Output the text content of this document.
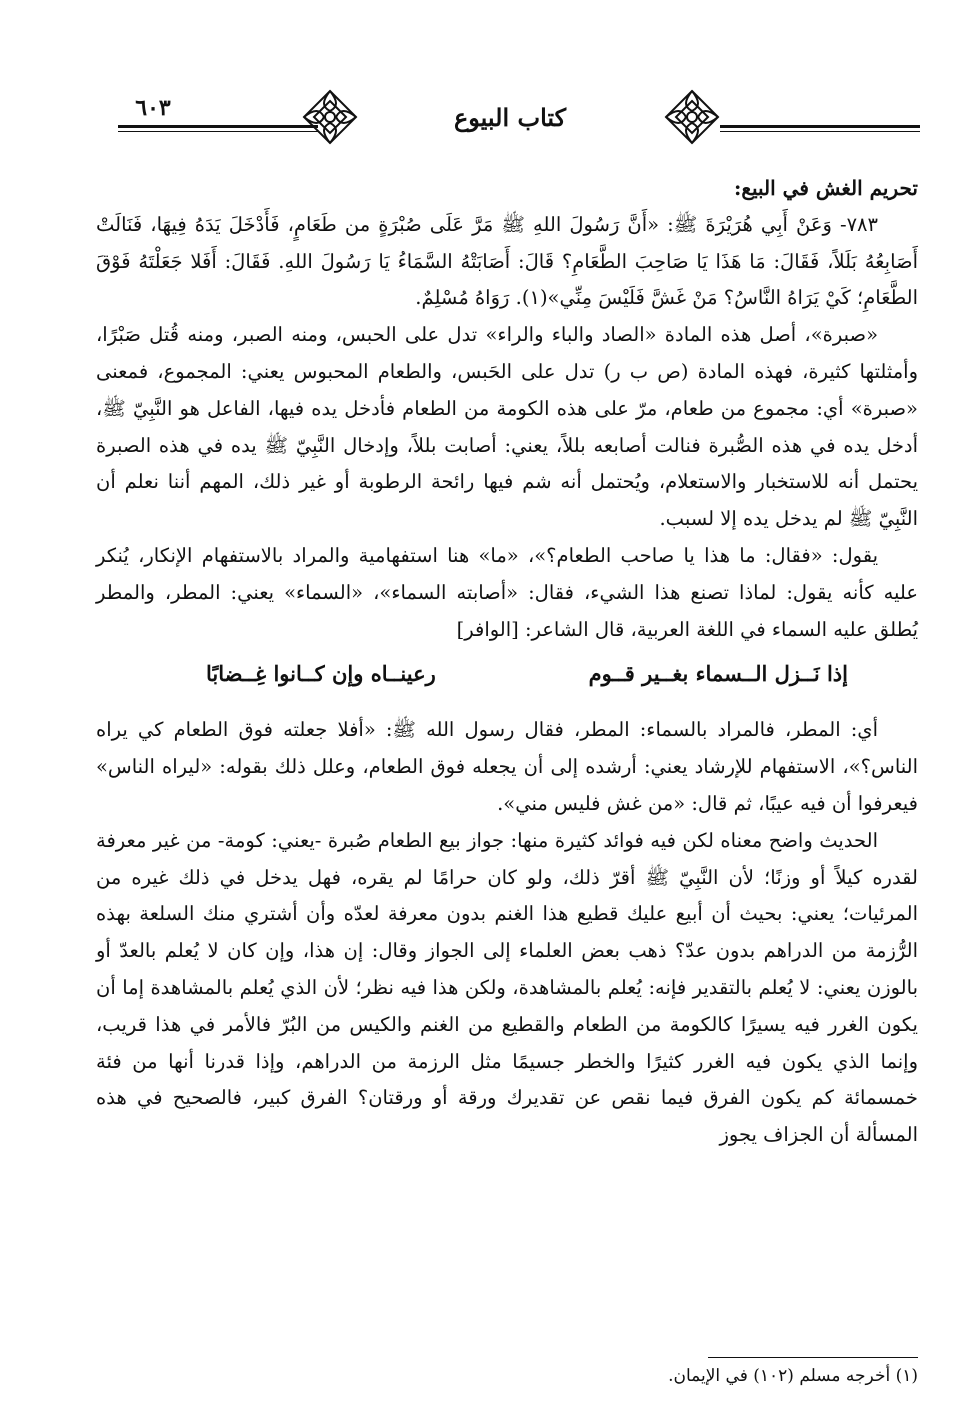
٦٠٣	كتاب البيوع

تحريم الغش في البيع:

٧٨٣- وَعَنْ أَبِي هُرَيْرَةَ ﷺ: «أَنَّ رَسُولَ اللهِ ﷺ مَرَّ عَلَى صُبْرَةٍ من طَعَامٍ، فَأَدْخَلَ يَدَهُ فِيهَا، فَنَالَتْ أَصَابِعُهُ بَلَلاً، فَقَالَ: مَا هَذَا يَا صَاحِبَ الطَّعَامِ؟ قَالَ: أَصَابَتْهُ السَّمَاءُ يَا رَسُولَ اللهِ. فَقَالَ: أَفَلا جَعَلْتَهُ فَوْقَ الطَّعَامِ؛ كَيْ يَرَاهُ النَّاسُ؟ مَنْ غَشَّ فَلَيْسَ مِنِّي»(١). رَوَاهُ مُسْلِمٌ.

«صبرة»، أصل هذه المادة «الصاد والباء والراء» تدل على الحبس، ومنه الصبر، ومنه قُتل صَبْرًا، وأمثلتها كثيرة، فهذه المادة (ص ب ر) تدل على الحَبس، والطعام المحبوس يعني: المجموع، فمعنى «صبرة» أي: مجموع من طعام، مرّ على هذه الكومة من الطعام فأدخل يده فيها، الفاعل هو النَّبِيّ ﷺ، أدخل يده في هذه الصُّبرة فنالت أصابعه بللاً، يعني: أصابت بللاً، وإدخال النَّبِيّ ﷺ يده في هذه الصبرة يحتمل أنه للاستخبار والاستعلام، ويُحتمل أنه شم فيها رائحة الرطوبة أو غير ذلك، المهم أننا نعلم أن النَّبِيّ ﷺ لم يدخل يده إلا لسبب.

يقول: «فقال: ما هذا يا صاحب الطعام؟»، «ما» هنا استفهامية والمراد بالاستفهام الإنكار، يُنكر عليه كأنه يقول: لماذا تصنع هذا الشيء، فقال: «أصابته السماء»، «السماء» يعني: المطر، والمطر يُطلق عليه السماء في اللغة العربية، قال الشاعر: [الوافر]

إذا نَــزل الــسماء بغــير قــوم
رعينــاه وإن كــانوا غِــضابًا

أي: المطر، فالمراد بالسماء: المطر، فقال رسول الله ﷺ: «أفلا جعلته فوق الطعام كي يراه الناس؟»، الاستفهام للإرشاد يعني: أرشده إلى أن يجعله فوق الطعام، وعلل ذلك بقوله: «ليراه الناس» فيعرفوا أن فيه عيبًا، ثم قال: «من غش فليس مني».

الحديث واضح معناه لكن فيه فوائد كثيرة منها: جواز بيع الطعام صُبرة -يعني: كومة- من غير معرفة لقدره كيلاً أو وزنًا؛ لأن النَّبِيّ ﷺ أقرّ ذلك، ولو كان حرامًا لم يقره، فهل يدخل في ذلك غيره من المرئيات؛ يعني: بحيث أن أبيع عليك قطيع هذا الغنم بدون معرفة لعدّه وأن أشتري منك السلعة بهذه الرُّزمة من الدراهم بدون عدّ؟ ذهب بعض العلماء إلى الجواز وقال: إن هذا، وإن كان لا يُعلم بالعدّ أو بالوزن يعني: لا يُعلم بالتقدير فإنه: يُعلم بالمشاهدة، ولكن هذا فيه نظر؛ لأن الذي يُعلم بالمشاهدة إما أن يكون الغرر فيه يسيرًا كالكومة من الطعام والقطيع من الغنم والكيس من البُرّ فالأمر في هذا قريب، وإنما الذي يكون فيه الغرر كثيرًا والخطر جسيمًا مثل الرزمة من الدراهم، وإذا قدرنا أنها من فئة خمسمائة كم يكون الفرق فيما نقص عن تقديرك ورقة أو ورقتان؟ الفرق كبير، فالصحيح في هذه المسألة أن الجزاف يجوز

(١) أخرجه مسلم (١٠٢) في الإيمان.
